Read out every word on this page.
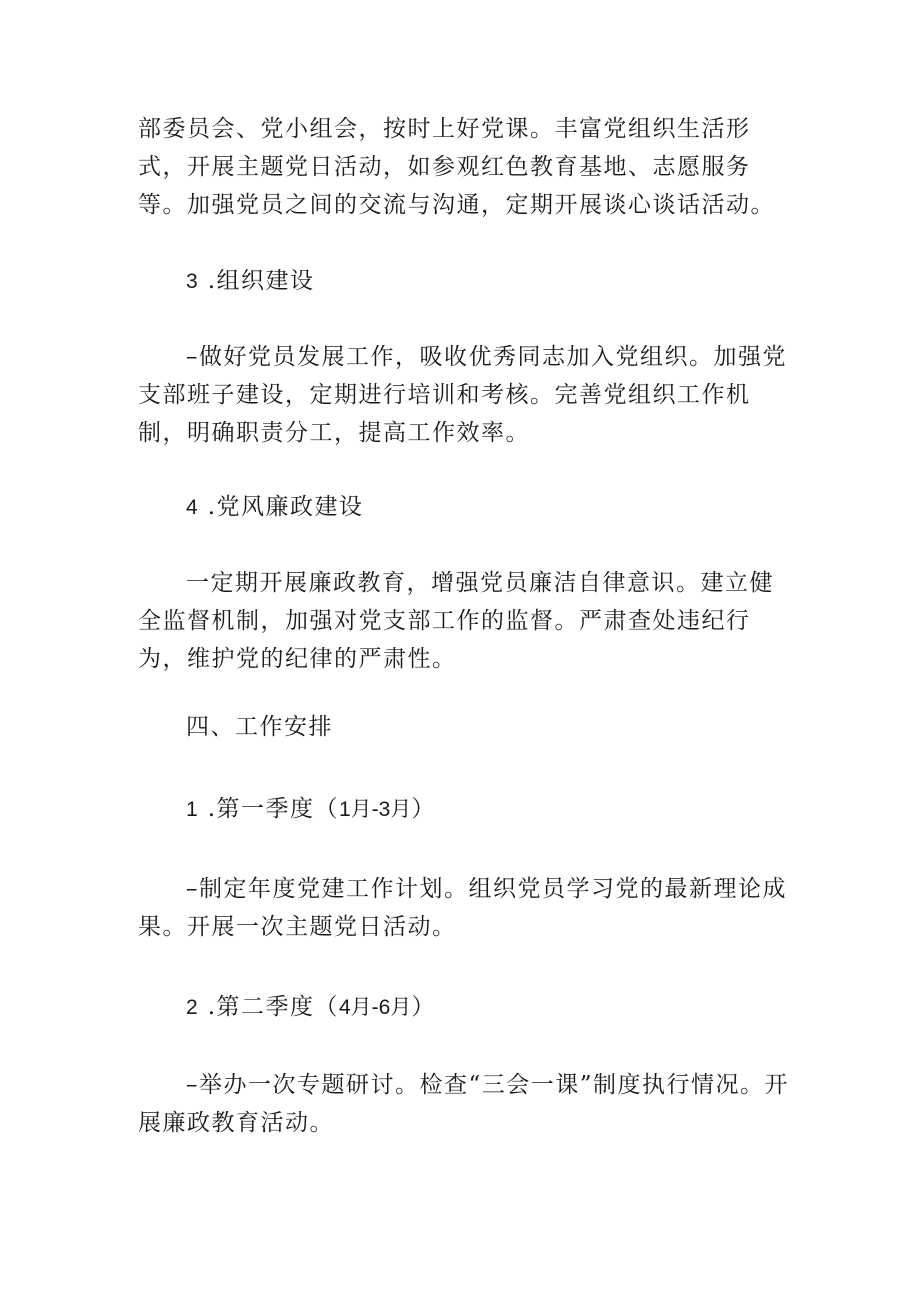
部委员会、党小组会，按时上好党课。丰富党组织生活形式，开展主题党日活动，如参观红色教育基地、志愿服务等。加强党员之间的交流与沟通，定期开展谈心谈话活动。

3 .组织建设

–做好党员发展工作，吸收优秀同志加入党组织。加强党支部班子建设，定期进行培训和考核。完善党组织工作机制，明确职责分工，提高工作效率。

4 .党风廉政建设

一定期开展廉政教育，增强党员廉洁自律意识。建立健全监督机制，加强对党支部工作的监督。严肃查处违纪行为，维护党的纪律的严肃性。

四、工作安排

1 .第一季度（1月-3月）

–制定年度党建工作计划。组织党员学习党的最新理论成果。开展一次主题党日活动。

2 .第二季度（4月-6月）

–举办一次专题研讨。检查“三会一课”制度执行情况。开展廉政教育活动。
